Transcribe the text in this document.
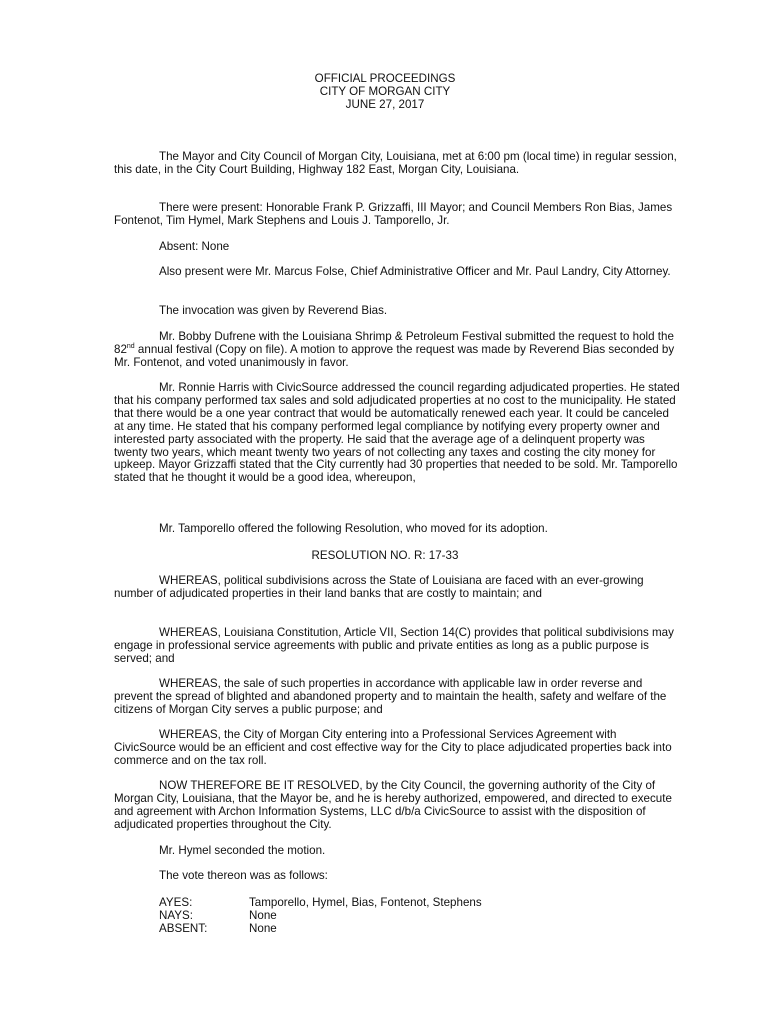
OFFICIAL PROCEEDINGS
CITY OF MORGAN CITY
JUNE 27, 2017

The Mayor and City Council of Morgan City, Louisiana, met at 6:00 pm (local time) in regular session, this date, in the City Court Building, Highway 182 East, Morgan City, Louisiana.

There were present: Honorable Frank P. Grizzaffi, III Mayor; and Council Members Ron Bias, James Fontenot, Tim Hymel, Mark Stephens and Louis J. Tamporello, Jr.

Absent: None

Also present were Mr. Marcus Folse, Chief Administrative Officer and Mr. Paul Landry, City Attorney.

The invocation was given by Reverend Bias.

Mr. Bobby Dufrene with the Louisiana Shrimp & Petroleum Festival submitted the request to hold the 82nd annual festival (Copy on file). A motion to approve the request was made by Reverend Bias seconded by Mr. Fontenot, and voted unanimously in favor.

Mr. Ronnie Harris with CivicSource addressed the council regarding adjudicated properties. He stated that his company performed tax sales and sold adjudicated properties at no cost to the municipality. He stated that there would be a one year contract that would be automatically renewed each year. It could be canceled at any time. He stated that his company performed legal compliance by notifying every property owner and interested party associated with the property. He said that the average age of a delinquent property was twenty two years, which meant twenty two years of not collecting any taxes and costing the city money for upkeep. Mayor Grizzaffi stated that the City currently had 30 properties that needed to be sold. Mr. Tamporello stated that he thought it would be a good idea, whereupon,

Mr. Tamporello offered the following Resolution, who moved for its adoption.

RESOLUTION NO. R: 17-33

WHEREAS, political subdivisions across the State of Louisiana are faced with an ever-growing number of adjudicated properties in their land banks that are costly to maintain; and

WHEREAS, Louisiana Constitution, Article VII, Section 14(C) provides that political subdivisions may engage in professional service agreements with public and private entities as long as a public purpose is served; and

WHEREAS, the sale of such properties in accordance with applicable law in order reverse and prevent the spread of blighted and abandoned property and to maintain the health, safety and welfare of the citizens of Morgan City serves a public purpose; and

WHEREAS, the City of Morgan City entering into a Professional Services Agreement with CivicSource would be an efficient and cost effective way for the City to place adjudicated properties back into commerce and on the tax roll.

NOW THEREFORE BE IT RESOLVED, by the City Council, the governing authority of the City of Morgan City, Louisiana, that the Mayor be, and he is hereby authorized, empowered, and directed to execute and agreement with Archon Information Systems, LLC d/b/a CivicSource to assist with the disposition of adjudicated properties throughout the City.

Mr. Hymel seconded the motion.

The vote thereon was as follows:

AYES:	Tamporello, Hymel, Bias, Fontenot, Stephens
NAYS:	None
ABSENT:	None
